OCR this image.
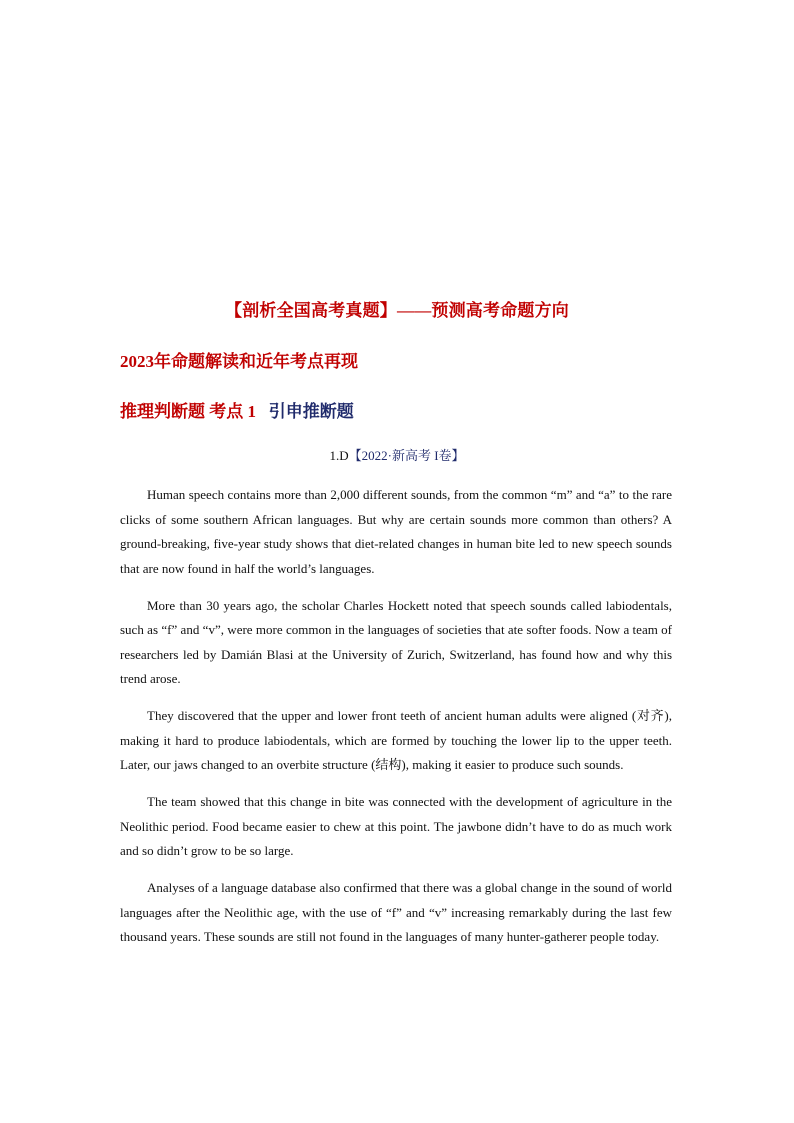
【剖析全国高考真题】——预测高考命题方向
2023年命题解读和近年考点再现
推理判断题 考点 1 引申推断题
1.D【2022·新高考 I卷】

Human speech contains more than 2,000 different sounds, from the common “m” and “a” to the rare clicks of some southern African languages. But why are certain sounds more common than others? A ground-breaking, five-year study shows that diet-related changes in human bite led to new speech sounds that are now found in half the world’s languages.

More than 30 years ago, the scholar Charles Hockett noted that speech sounds called labiodentals, such as “f” and “v”, were more common in the languages of societies that ate softer foods. Now a team of researchers led by Damián Blasi at the University of Zurich, Switzerland, has found how and why this trend arose.

They discovered that the upper and lower front teeth of ancient human adults were aligned (对齐), making it hard to produce labiodentals, which are formed by touching the lower lip to the upper teeth. Later, our jaws changed to an overbite structure (结构), making it easier to produce such sounds.

The team showed that this change in bite was connected with the development of agriculture in the Neolithic period. Food became easier to chew at this point. The jawbone didn’t have to do as much work and so didn’t grow to be so large.

Analyses of a language database also confirmed that there was a global change in the sound of world languages after the Neolithic age, with the use of “f” and “v” increasing remarkably during the last few thousand years. These sounds are still not found in the languages of many hunter-gatherer people today.
